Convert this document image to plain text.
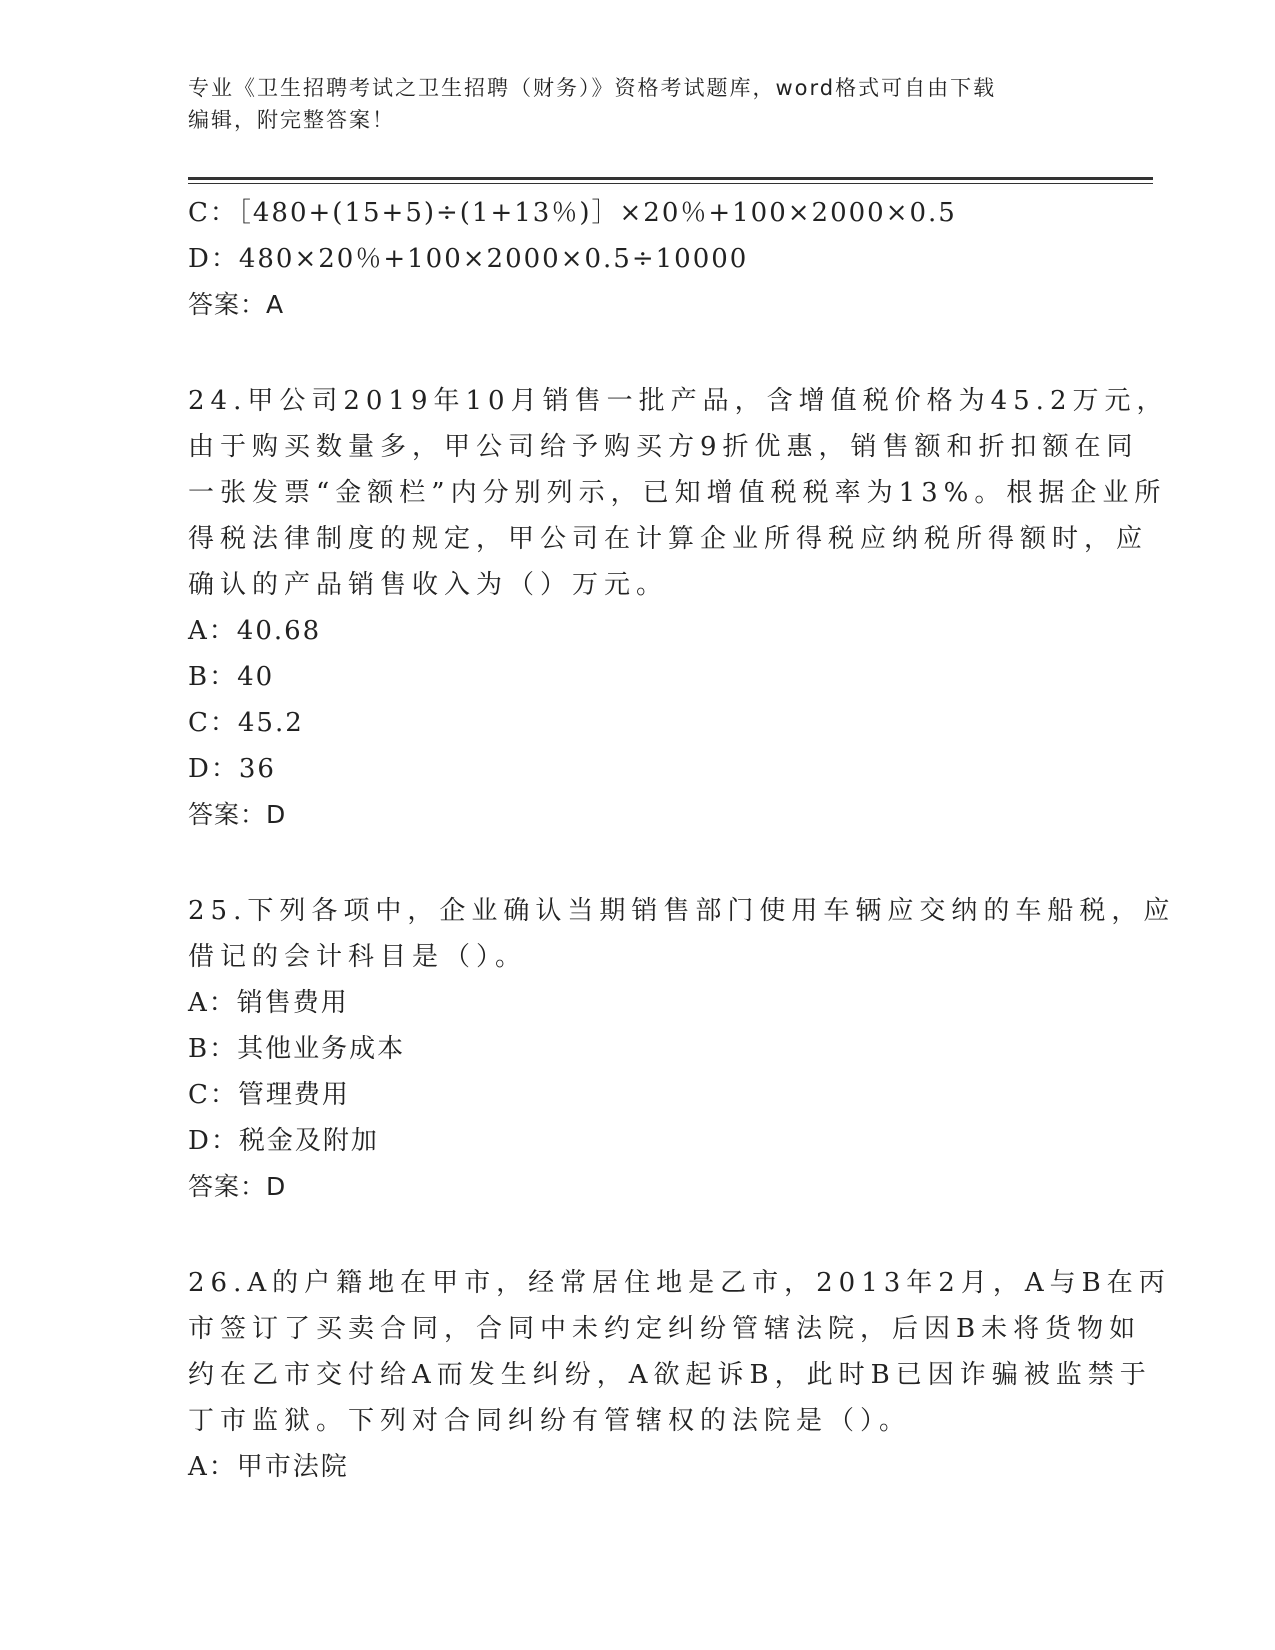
专业《卫生招聘考试之卫生招聘（财务）》资格考试题库，word格式可自由下载
编辑，附完整答案！
C：［480+(15+5)÷(1+13％)］×20％+100×2000×0.5
D：480×20％+100×2000×0.5÷10000
答案：A
24.甲公司2019年10月销售一批产品，含增值税价格为45.2万元，
由于购买数量多，甲公司给予购买方9折优惠，销售额和折扣额在同
一张发票“金额栏”内分别列示，已知增值税税率为13%。根据企业所
得税法律制度的规定，甲公司在计算企业所得税应纳税所得额时，应
确认的产品销售收入为（）万元。
A：40.68
B：40
C：45.2
D：36
答案：D
25.下列各项中，企业确认当期销售部门使用车辆应交纳的车船税，应
借记的会计科目是（）。
A：销售费用
B：其他业务成本
C：管理费用
D：税金及附加
答案：D
26.A的户籍地在甲市，经常居住地是乙市，2013年2月，A与B在丙
市签订了买卖合同，合同中未约定纠纷管辖法院，后因B未将货物如
约在乙市交付给A而发生纠纷，A欲起诉B，此时B已因诈骗被监禁于
丁市监狱。下列对合同纠纷有管辖权的法院是（）。
A：甲市法院
